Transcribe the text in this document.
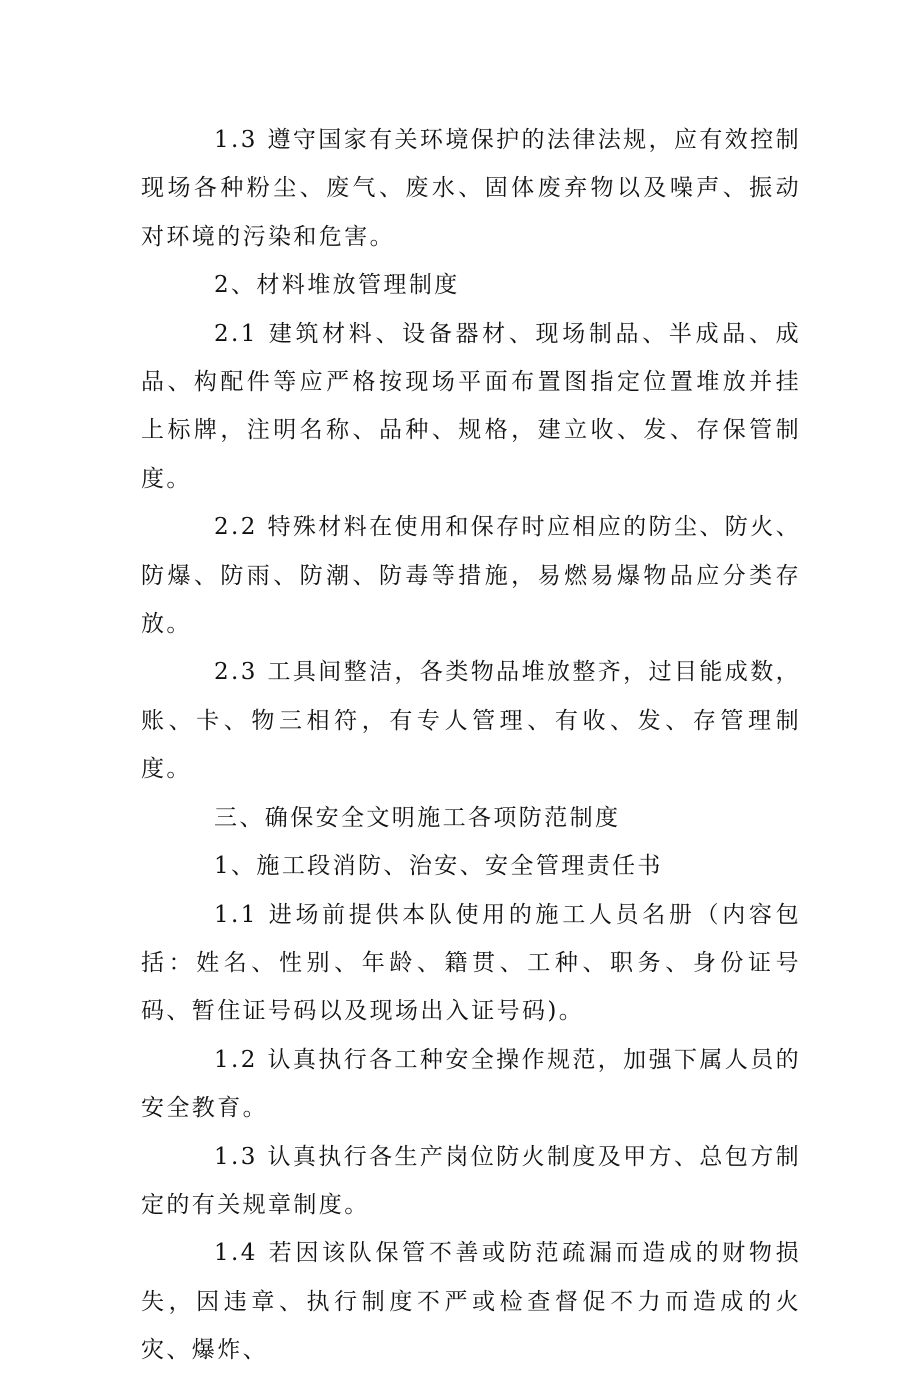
1.3 遵守国家有关环境保护的法律法规，应有效控制现场各种粉尘、废气、废水、固体废弃物以及噪声、振动对环境的污染和危害。

2、材料堆放管理制度

2.1 建筑材料、设备器材、现场制品、半成品、成品、构配件等应严格按现场平面布置图指定位置堆放并挂上标牌，注明名称、品种、规格，建立收、发、存保管制度。

2.2 特殊材料在使用和保存时应相应的防尘、防火、防爆、防雨、防潮、防毒等措施，易燃易爆物品应分类存放。

2.3 工具间整洁，各类物品堆放整齐，过目能成数，账、卡、物三相符，有专人管理、有收、发、存管理制度。

三、确保安全文明施工各项防范制度

1、施工段消防、治安、安全管理责任书

1.1 进场前提供本队使用的施工人员名册（内容包括：姓名、性别、年龄、籍贯、工种、职务、身份证号码、暂住证号码以及现场出入证号码)。

1.2 认真执行各工种安全操作规范，加强下属人员的安全教育。

1.3 认真执行各生产岗位防火制度及甲方、总包方制定的有关规章制度。

1.4 若因该队保管不善或防范疏漏而造成的财物损失，因违章、执行制度不严或检查督促不力而造成的火灾、爆炸、
